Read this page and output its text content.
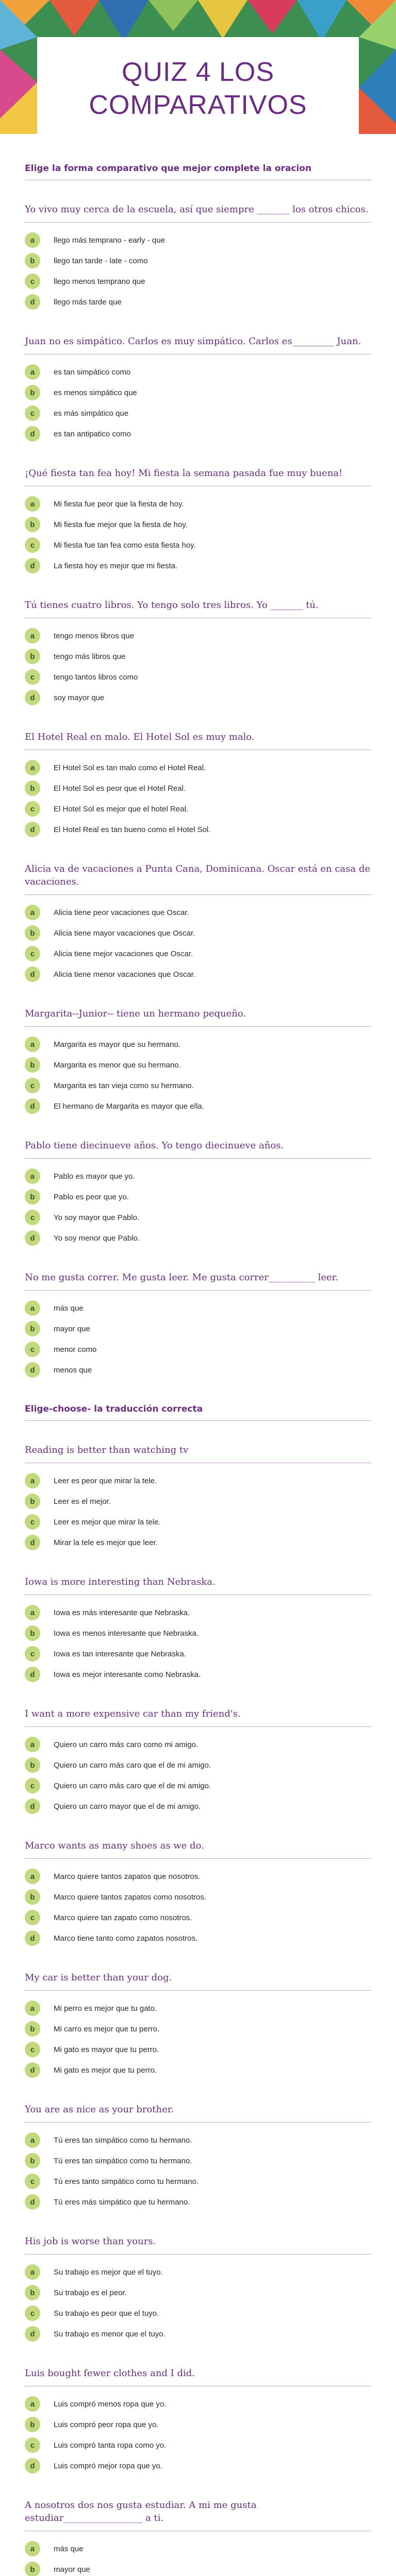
QUIZ 4 LOS COMPARATIVOS
Elige la forma comparativo que mejor complete la oracion
Yo vivo muy cerca de la escuela, así que siempre _______ los otros chicos.
a	llego más temprano - early - que
b	llego tan tarde - late - como
c	llego menos temprano que
d	llego más tarde que
Juan no es simpático. Carlos es muy simpático. Carlos es_________ Juan.
a	es tan simpático como
b	es menos simpático que
c	es más simpático que
d	es tan antipatico como
¡Qué fiesta tan fea hoy! Mi fiesta la semana pasada fue muy buena!
a	Mi fiesta fue peor que la fiesta de hoy.
b	Mi fiesta fue mejor que la fiesta de hoy.
c	Mi fiesta fue tan fea como esta fiesta hoy.
d	La fiesta hoy es mejor que mi fiesta.
Tú tienes cuatro libros. Yo tengo solo tres libros. Yo _______ tú.
a	tengo menos libros que
b	tengo más libros que
c	tengo tantos libros como
d	soy mayor que
El Hotel Real en malo. El Hotel Sol es muy malo.
a	El Hotel Sol es tan malo como el Hotel Real.
b	El Hotel Sol es peor que el Hotel Real.
c	El Hotel Sol es mejor que el hotel Real.
d	El Hotel Real es tan bueno como el Hotel Sol.
Alicia va de vacaciones a Punta Cana, Dominicana. Oscar está en casa de vacaciones.
a	Alicia tiene peor vacaciones que Oscar.
b	Alicia tiene mayor vacaciones que Oscar.
c	Alicia tiene mejor vacaciones que Oscar.
d	Alicia tiene menor vacaciones que Oscar.
Margarita--Junior-- tiene un hermano pequeño.
a	Margarita es mayor que su hermano.
b	Margarita es menor que su hermano.
c	Margarita es tan vieja como su hermano.
d	El hermano de Margarita es mayor que ella.
Pablo tiene diecinueve años. Yo tengo diecinueve años.
a	Pablo es mayor que yo.
b	Pablo es peor que yo.
c	Yo soy mayor que Pablo.
d	Yo soy menor que Pablo.
No me gusta correr. Me gusta leer. Me gusta correr__________ leer.
a	más que
b	mayor que
c	menor como
d	menos que
Elige-choose- la traducción correcta
Reading is better than watching tv
a	Leer es peor que mirar la tele.
b	Leer es el mejor.
c	Leer es mejor que mirar la tele.
d	Mirar la tele es mejor que leer.
Iowa is more interesting than Nebraska.
a	Iowa es más interesante que Nebraska.
b	Iowa es menos interesante que Nebraska.
c	Iowa es tan interesante que Nebraska.
d	Iowa es mejor interesante como Nebraska.
I want a more expensive car than my friend's.
a	Quiero un carro más caro como mi amigo.
b	Quiero un carro más caro que el de mi amigo.
c	Quiero un carro más caro que el de mi amigo.
d	Quiero un carro mayor que el de mi amigo.
Marco wants as many shoes as we do.
a	Marco quiere tantos zapatos que nosotros.
b	Marco quiere tantos zapatos como nosotros.
c	Marco quiere tan zapato como nosotros.
d	Marco tiene tanto como zapatos nosotros.
My car is better than your dog.
a	Mi perro es mejor que tu gato.
b	Mi carro es mejor que tu perro.
c	Mi gato es mayor que tu perro.
d	Mi gato es mejor que tu perro.
You are as nice as your brother.
a	Tú eres tan simpático como tu hermano.
b	Tú eres tan simpático como tu hermano.
c	Tú eres tanto simpático como tu hermano.
d	Tú eres más simpático que tu hermano.
His job is worse than yours.
a	Su trabajo es mejor que el tuyo.
b	Su trabajo es el peor.
c	Su trabajo es peor que el tuyo.
d	Su trabajo es menor que el tuyo.
Luis bought fewer clothes and I did.
a	Luis compró menos ropa que yo.
b	Luis compró peor ropa que yo.
c	Luis compró tanta ropa como yo.
d	Luis compró mejor ropa que yo.
A nosotros dos nos gusta estudiar. A mi me gusta estudiar_________________ a ti.
a	más que
b	mayor que
